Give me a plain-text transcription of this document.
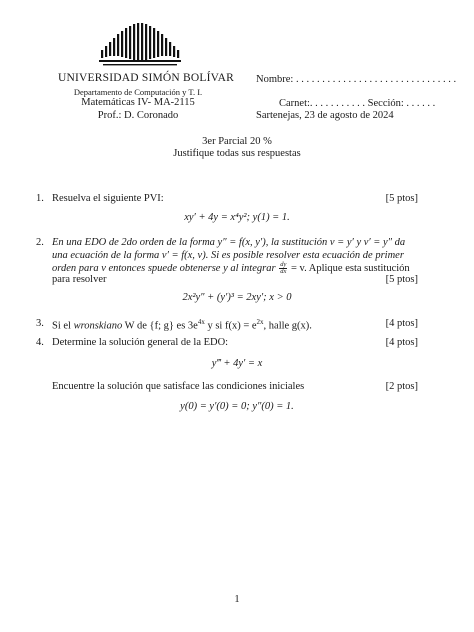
UNIVERSIDAD SIMÓN BOLÍVAR
Departamento de Computación y T. I.
Matemáticas IV- MA-2115
Prof.: D. Coronado
Nombre: . . . . . . . . . . . . . . . . . . . . . . . . . . . . . . .
Carnet:. . . . . . . . . . . Sección: . . . . . .
Sartenejas, 23 de agosto de 2024
3er Parcial 20 %
Justifique todas sus respuestas
1. Resuelva el siguiente PVI:	[5 ptos]
xy′ + 4y = x⁴y²; y(1) = 1.
2. En una EDO de 2do orden de la forma y″ = f(x, y′), la sustitución v = y′ y v′ = y″ da
una ecuación de la forma v′ = f(x, v). Si es posible resolver esta ecuación de primer
orden para v entonces spuede obtenerse y al integrar $\frac{dy}{dx} = v$. Aplique esta sustitución
para resolver	[5 ptos]
2x²y″ + (y′)³ = 2xy′; x > 0
3. Si el wronskiano W de {f; g} es $3e^{4x}$ y si $f(x) = e^{2x}$, halle g(x).	[4 ptos]
4. Determine la solución general de la EDO:	[4 ptos]
y‴ + 4y′ = x
Encuentre la solución que satisface las condiciones iniciales	[2 ptos]
y(0) = y′(0) = 0; y″(0) = 1.
1
